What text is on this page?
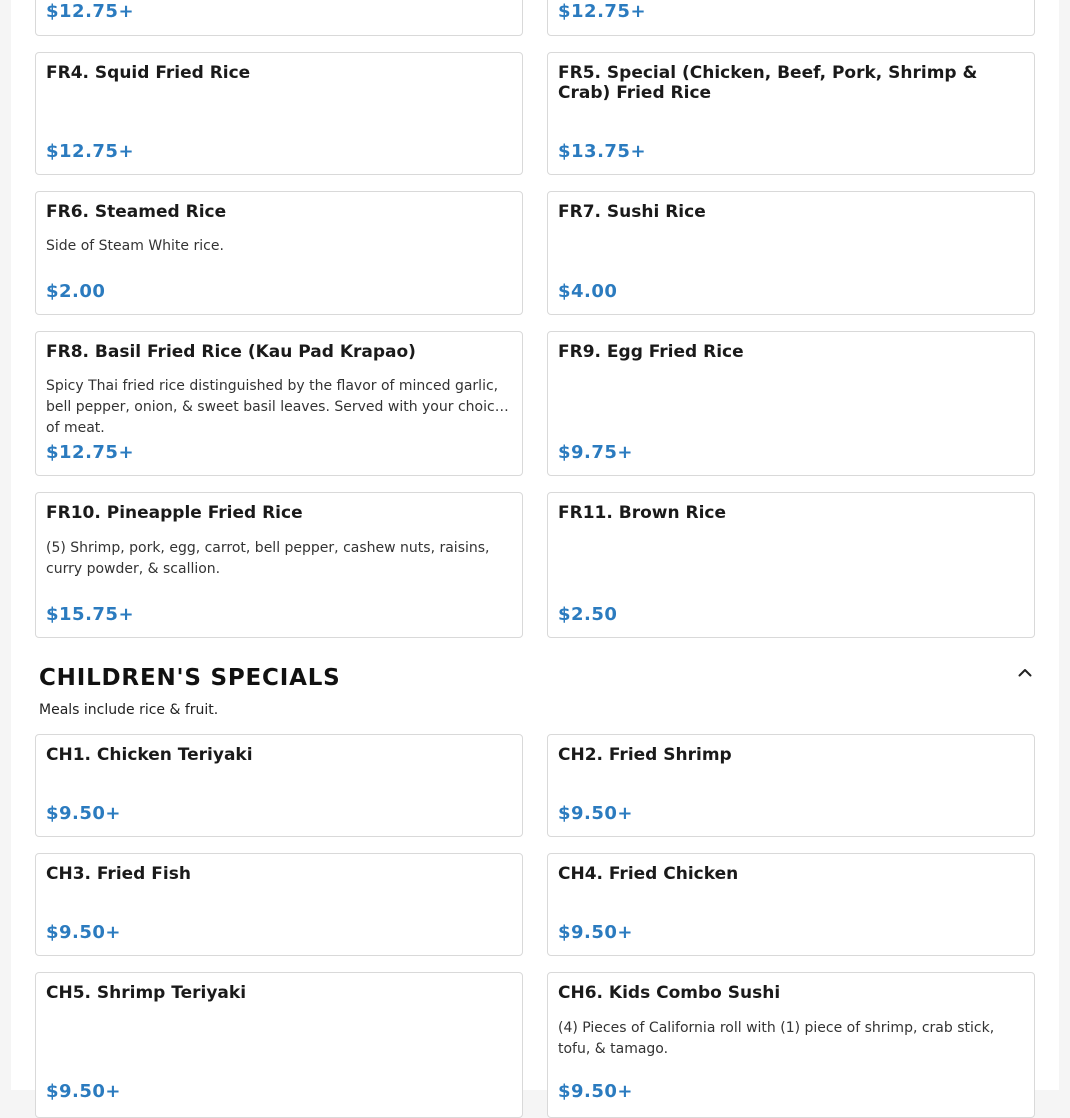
$12.75+	$12.75+
FR4. Squid Fried Rice
$12.75+
FR5. Special (Chicken, Beef, Pork, Shrimp & Crab) Fried Rice
$13.75+
FR6. Steamed Rice
Side of Steam White rice.
$2.00
FR7. Sushi Rice
$4.00
FR8. Basil Fried Rice (Kau Pad Krapao)
Spicy Thai fried rice distinguished by the flavor of minced garlic, bell pepper, onion, & sweet basil leaves. Served with your choice of meat.
$12.75+
FR9. Egg Fried Rice
$9.75+
FR10. Pineapple Fried Rice
(5) Shrimp, pork, egg, carrot, bell pepper, cashew nuts, raisins, curry powder, & scallion.
$15.75+
FR11. Brown Rice
$2.50
CHILDREN'S SPECIALS
Meals include rice & fruit.
CH1. Chicken Teriyaki
$9.50+
CH2. Fried Shrimp
$9.50+
CH3. Fried Fish
$9.50+
CH4. Fried Chicken
$9.50+
CH5. Shrimp Teriyaki
$9.50+
CH6. Kids Combo Sushi
(4) Pieces of California roll with (1) piece of shrimp, crab stick, tofu, & tamago.
$9.50+
